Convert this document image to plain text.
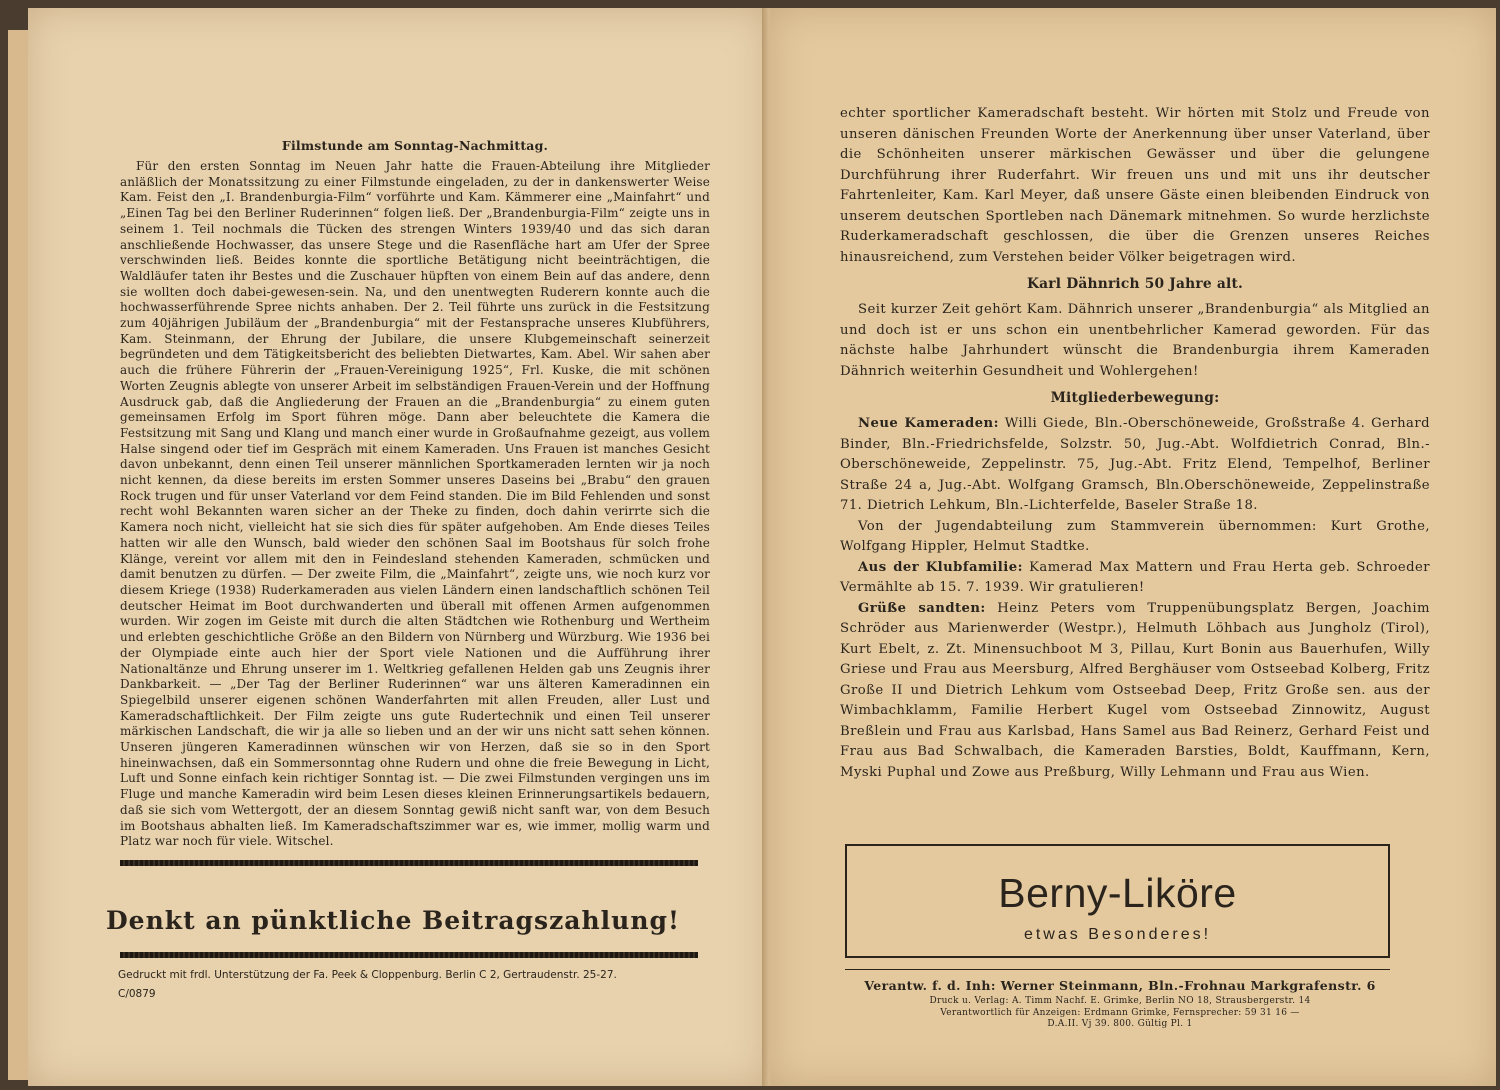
Filmstunde am Sonntag-Nachmittag.

Für den ersten Sonntag im Neuen Jahr hatte die Frauen-Abteilung ihre Mitglieder anläßlich der Monatssitzung zu einer Filmstunde eingeladen, zu der in dankenswerter Weise Kam. Feist den „I. Brandenburgia-Film“ vorführte und Kam. Kämmerer eine „Mainfahrt“ und „Einen Tag bei den Berliner Ruderinnen“ folgen ließ. Der „Brandenburgia-Film“ zeigte uns in seinem 1. Teil nochmals die Tücken des strengen Winters 1939/40 und das sich daran anschließende Hochwasser, das unsere Stege und die Rasenfläche hart am Ufer der Spree verschwinden ließ. Beides konnte die sportliche Betätigung nicht beeinträchtigen, die Waldläufer taten ihr Bestes und die Zuschauer hüpften von einem Bein auf das andere, denn sie wollten doch dabei-gewesen-sein. Na, und den unentwegten Ruderern konnte auch die hochwasserführende Spree nichts anhaben. Der 2. Teil führte uns zurück in die Festsitzung zum 40jährigen Jubiläum der „Brandenburgia“ mit der Festansprache unseres Klubführers, Kam. Steinmann, der Ehrung der Jubilare, die unsere Klubgemeinschaft seinerzeit begründeten und dem Tätigkeitsbericht des beliebten Dietwartes, Kam. Abel. Wir sahen aber auch die frühere Führerin der „Frauen-Vereinigung 1925“, Frl. Kuske, die mit schönen Worten Zeugnis ablegte von unserer Arbeit im selbständigen Frauen-Verein und der Hoffnung Ausdruck gab, daß die Angliederung der Frauen an die „Brandenburgia“ zu einem guten gemeinsamen Erfolg im Sport führen möge. Dann aber beleuchtete die Kamera die Festsitzung mit Sang und Klang und manch einer wurde in Großaufnahme gezeigt, aus vollem Halse singend oder tief im Gespräch mit einem Kameraden. Uns Frauen ist manches Gesicht davon unbekannt, denn einen Teil unserer männlichen Sportkameraden lernten wir ja noch nicht kennen, da diese bereits im ersten Sommer unseres Daseins bei „Brabu“ den grauen Rock trugen und für unser Vaterland vor dem Feind standen. Die im Bild Fehlenden und sonst recht wohl Bekannten waren sicher an der Theke zu finden, doch dahin verirrte sich die Kamera noch nicht, vielleicht hat sie sich dies für später aufgehoben. Am Ende dieses Teiles hatten wir alle den Wunsch, bald wieder den schönen Saal im Bootshaus für solch frohe Klänge, vereint vor allem mit den in Feindesland stehenden Kameraden, schmücken und damit benutzen zu dürfen. — Der zweite Film, die „Mainfahrt“, zeigte uns, wie noch kurz vor diesem Kriege (1938) Ruderkameraden aus vielen Ländern einen landschaftlich schönen Teil deutscher Heimat im Boot durchwanderten und überall mit offenen Armen aufgenommen wurden. Wir zogen im Geiste mit durch die alten Städtchen wie Rothenburg und Wertheim und erlebten geschichtliche Größe an den Bildern von Nürnberg und Würzburg. Wie 1936 bei der Olympiade einte auch hier der Sport viele Nationen und die Aufführung ihrer Nationaltänze und Ehrung unserer im 1. Weltkrieg gefallenen Helden gab uns Zeugnis ihrer Dankbarkeit. — „Der Tag der Berliner Ruderinnen“ war uns älteren Kameradinnen ein Spiegelbild unserer eigenen schönen Wanderfahrten mit allen Freuden, aller Lust und Kameradschaftlichkeit. Der Film zeigte uns gute Rudertechnik und einen Teil unserer märkischen Landschaft, die wir ja alle so lieben und an der wir uns nicht satt sehen können. Unseren jüngeren Kameradinnen wünschen wir von Herzen, daß sie so in den Sport hineinwachsen, daß ein Sommersonntag ohne Rudern und ohne die freie Bewegung in Licht, Luft und Sonne einfach kein richtiger Sonntag ist. — Die zwei Filmstunden vergingen uns im Fluge und manche Kameradin wird beim Lesen dieses kleinen Erinnerungsartikels bedauern, daß sie sich vom Wettergott, der an diesem Sonntag gewiß nicht sanft war, von dem Besuch im Bootshaus abhalten ließ. Im Kameradschaftszimmer war es, wie immer, mollig warm und Platz war noch für viele. Witschel.

Denkt an pünktliche Beitragszahlung!
Gedruckt mit frdl. Unterstützung der Fa. Peek & Cloppenburg. Berlin C 2, Gertraudenstr. 25-27.
C/0879

echter sportlicher Kameradschaft besteht. Wir hörten mit Stolz und Freude von unseren dänischen Freunden Worte der Anerkennung über unser Vaterland, über die Schönheiten unserer märkischen Gewässer und über die gelungene Durchführung ihrer Ruderfahrt. Wir freuen uns und mit uns ihr deutscher Fahrtenleiter, Kam. Karl Meyer, daß unsere Gäste einen bleibenden Eindruck von unserem deutschen Sportleben nach Dänemark mitnehmen. So wurde herzlichste Ruderkameradschaft geschlossen, die über die Grenzen unseres Reiches hinausreichend, zum Verstehen beider Völker beigetragen wird.

Karl Dähnrich 50 Jahre alt.

Seit kurzer Zeit gehört Kam. Dähnrich unserer „Brandenburgia“ als Mitglied an und doch ist er uns schon ein unentbehrlicher Kamerad geworden. Für das nächste halbe Jahrhundert wünscht die Brandenburgia ihrem Kameraden Dähnrich weiterhin Gesundheit und Wohlergehen!

Mitgliederbewegung:

Neue Kameraden: Willi Giede, Bln.-Oberschöneweide, Großstraße 4. Gerhard Binder, Bln.-Friedrichsfelde, Solzstr. 50, Jug.-Abt. Wolfdietrich Conrad, Bln.-Oberschöneweide, Zeppelinstr. 75, Jug.-Abt. Fritz Elend, Tempelhof, Berliner Straße 24 a, Jug.-Abt. Wolfgang Gramsch, Bln.Oberschöneweide, Zeppelinstraße 71. Dietrich Lehkum, Bln.-Lichterfelde, Baseler Straße 18.

Von der Jugendabteilung zum Stammverein übernommen: Kurt Grothe, Wolfgang Hippler, Helmut Stadtke.

Aus der Klubfamilie: Kamerad Max Mattern und Frau Herta geb. Schroeder Vermählte ab 15. 7. 1939. Wir gratulieren!

Grüße sandten: Heinz Peters vom Truppenübungsplatz Bergen, Joachim Schröder aus Marienwerder (Westpr.), Helmuth Löhbach aus Jungholz (Tirol), Kurt Ebelt, z. Zt. Minensuchboot M 3, Pillau, Kurt Bonin aus Bauerhufen, Willy Griese und Frau aus Meersburg, Alfred Berghäuser vom Ostseebad Kolberg, Fritz Große II und Dietrich Lehkum vom Ostseebad Deep, Fritz Große sen. aus der Wimbachklamm, Familie Herbert Kugel vom Ostseebad Zinnowitz, August Breßlein und Frau aus Karlsbad, Hans Samel aus Bad Reinerz, Gerhard Feist und Frau aus Bad Schwalbach, die Kameraden Barsties, Boldt, Kauffmann, Kern, Myski Puphal und Zowe aus Preßburg, Willy Lehmann und Frau aus Wien.

Berny-Liköre
etwas Besonderes!
Verantw. f. d. Inh: Werner Steinmann, Bln.-Frohnau Markgrafenstr. 6
Druck u. Verlag: A. Timm Nachf. E. Grimke, Berlin NO 18, Strausbergerstr. 14
Verantwortlich für Anzeigen: Erdmann Grimke, Fernsprecher: 59 31 16 —
D.A.II. Vj 39. 800. Gültig Pl. 1
